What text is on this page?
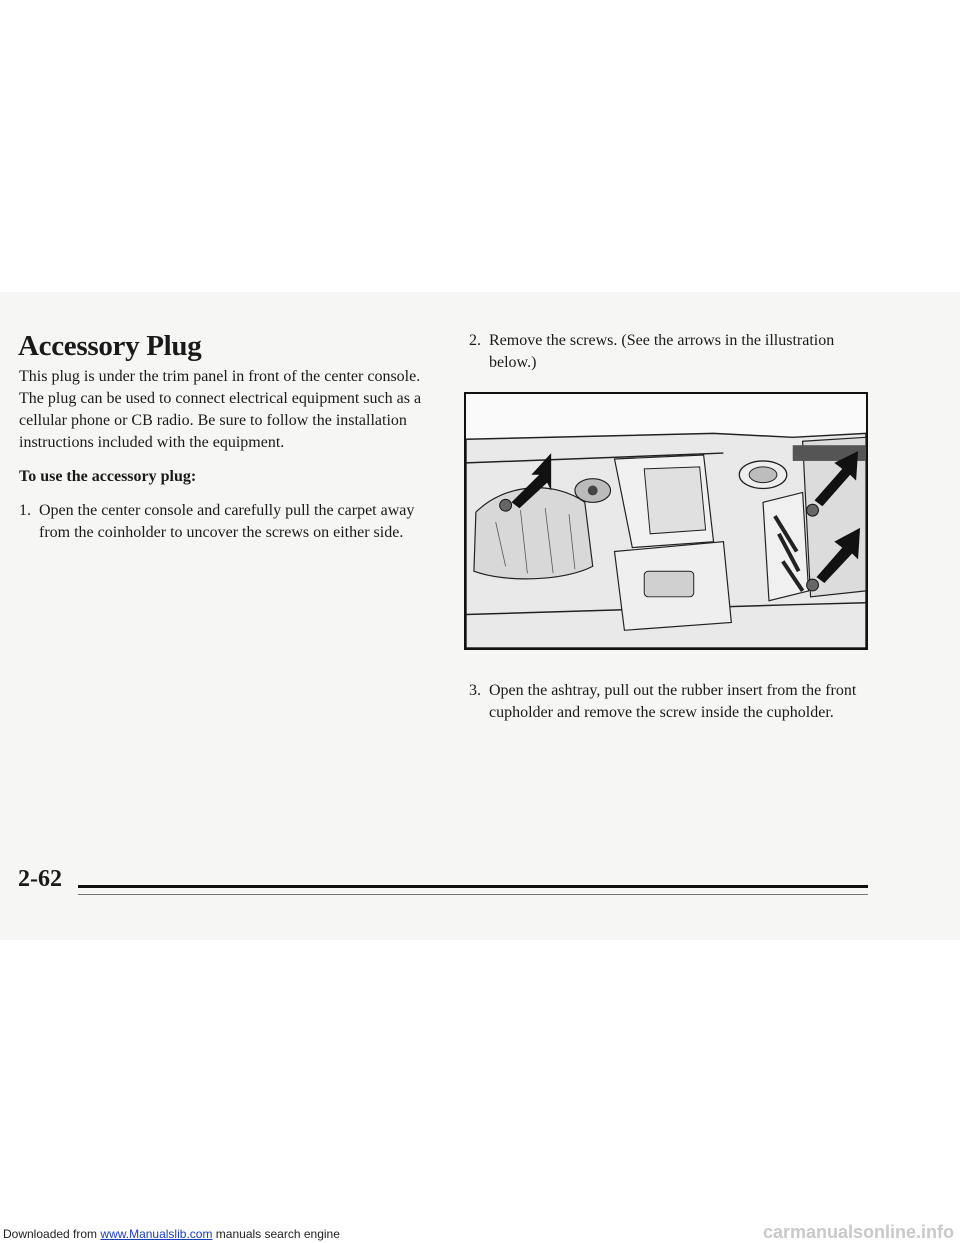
Accessory Plug

This plug is under the trim panel in front of the center console. The plug can be used to connect electrical equipment such as a cellular phone or CB radio. Be sure to follow the installation instructions included with the equipment.

To use the accessory plug:

1. Open the center console and carefully pull the carpet away from the coinholder to uncover the screws on either side.
2. Remove the screws. (See the arrows in the illustration below.)
3. Open the ashtray, pull out the rubber insert from the front cupholder and remove the screw inside the cupholder.

2-62

Downloaded from www.Manualslib.com manuals search engine	carmanualsonline.info
